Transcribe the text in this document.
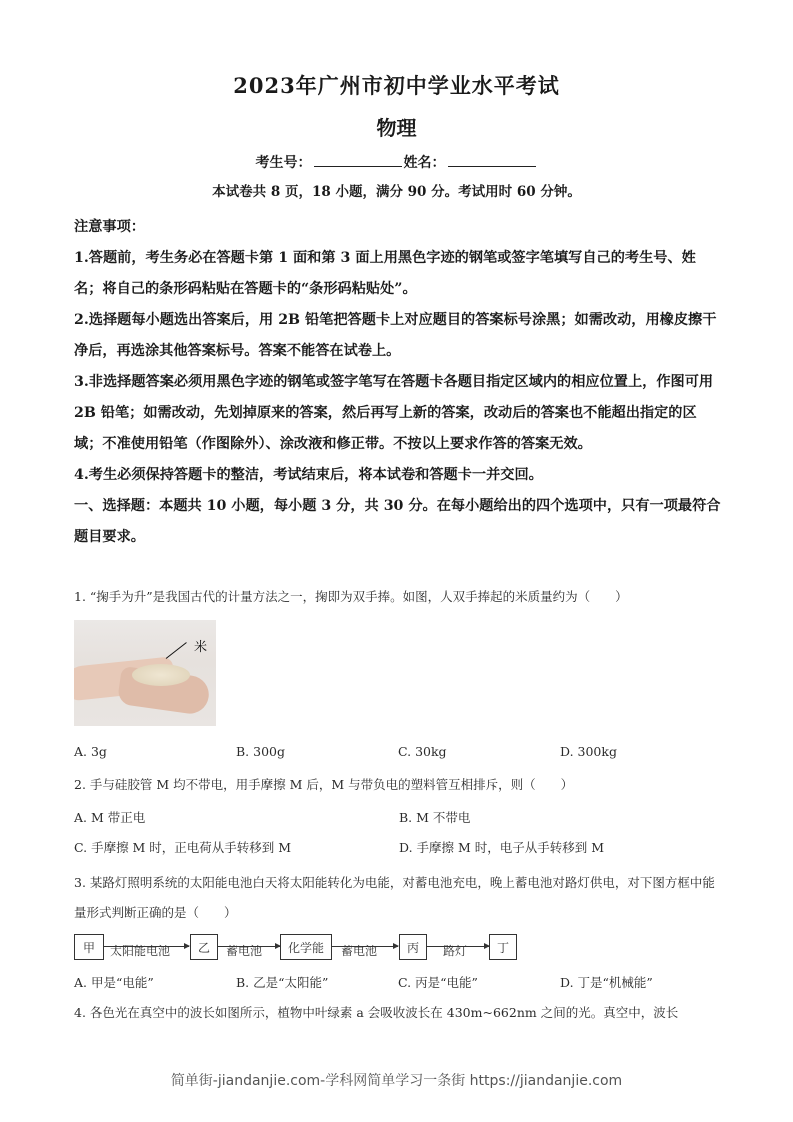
2023年广州市初中学业水平考试
物理
考生号：	姓名：
本试卷共 8 页，18 小题，满分 90 分。考试用时 60 分钟。

注意事项：

1.答题前，考生务必在答题卡第 1 面和第 3 面上用黑色字迹的钢笔或签字笔填写自己的考生号、姓名；将自己的条形码粘贴在答题卡的“条形码粘贴处”。

2.选择题每小题选出答案后，用 2B 铅笔把答题卡上对应题目的答案标号涂黑；如需改动，用橡皮擦干净后，再选涂其他答案标号。答案不能答在试卷上。

3.非选择题答案必须用黑色字迹的钢笔或签字笔写在答题卡各题目指定区域内的相应位置上，作图可用 2B 铅笔；如需改动，先划掉原来的答案，然后再写上新的答案，改动后的答案也不能超出指定的区域；不准使用铅笔（作图除外）、涂改液和修正带。不按以上要求作答的答案无效。

4.考生必须保持答题卡的整洁，考试结束后，将本试卷和答题卡一并交回。

一、选择题：本题共 10 小题，每小题 3 分，共 30 分。在每小题给出的四个选项中，只有一项最符合题目要求。

1. “掬手为升”是我国古代的计量方法之一，掬即为双手捧。如图，人双手捧起的米质量约为（　　）
米
A. 3g	B. 300g	C. 30kg	D. 300kg
2. 手与硅胶管 M 均不带电，用手摩擦 M 后，M 与带负电的塑料管互相排斥，则（　　）
A. M 带正电	B. M 不带电
C. 手摩擦 M 时，正电荷从手转移到 M	D. 手摩擦 M 时，电子从手转移到 M
3. 某路灯照明系统的太阳能电池白天将太阳能转化为电能，对蓄电池充电，晚上蓄电池对路灯供电，对下图方框中能量形式判断正确的是（　　）
甲	太阳能电池	乙	蓄电池	化学能	蓄电池	丙	路灯	丁
A. 甲是“电能”	B. 乙是“太阳能”	C. 丙是“电能”	D. 丁是“机械能”
4. 各色光在真空中的波长如图所示，植物中叶绿素 a 会吸收波长在 430m~662nm 之间的光。真空中，波长
简单街-jiandanjie.com-学科网简单学习一条街 https://jiandanjie.com
